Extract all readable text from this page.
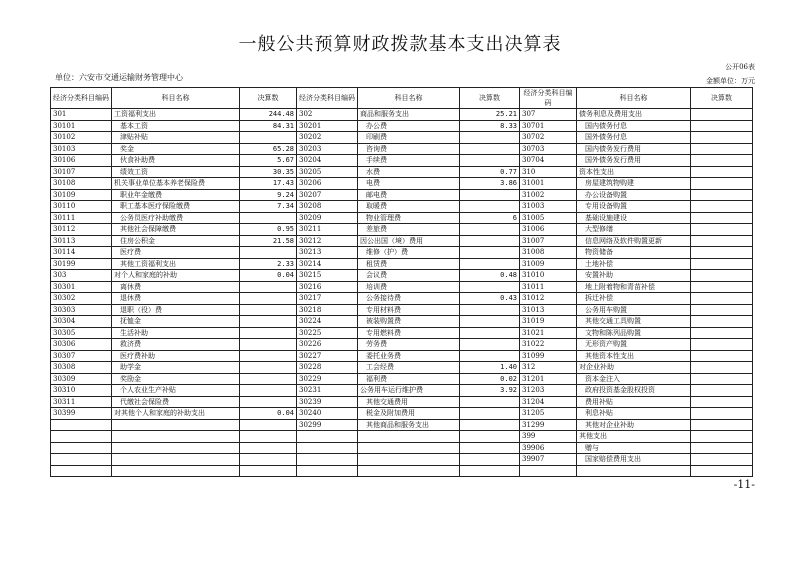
一般公共预算财政拨款基本支出决算表
公开06表
单位：六安市交通运输财务管理中心	金额单位：万元
经济分类科目编码	科目名称	决算数	经济分类科目编码	科目名称	决算数	经济分类科目编码	科目名称	决算数
301	工资福利支出	244.48	302	商品和服务支出	25.21	307	债务利息及费用支出	
30101	基本工资	84.31	30201	办公费	8.33	30701	国内债务付息	
30102	津贴补贴		30202	印刷费		30702	国外债务付息	
30103	奖金	65.28	30203	咨询费		30703	国内债务发行费用	
30106	伙食补助费	5.67	30204	手续费		30704	国外债务发行费用	
30107	绩效工资	30.35	30205	水费	0.77	310	资本性支出	
30108	机关事业单位基本养老保险费	17.43	30206	电费	3.86	31001	房屋建筑物购建	
30109	职业年金缴费	9.24	30207	邮电费		31002	办公设备购置	
30110	职工基本医疗保险缴费	7.34	30208	取暖费		31003	专用设备购置	
30111	公务员医疗补助缴费		30209	物业管理费	6	31005	基础设施建设	
30112	其他社会保障缴费	0.95	30211	差旅费		31006	大型修缮	
30113	住房公积金	21.58	30212	因公出国（境）费用		31007	信息网络及软件购置更新	
30114	医疗费		30213	维修（护）费		31008	物资储备	
30199	其他工资福利支出	2.33	30214	租赁费		31009	土地补偿	
303	对个人和家庭的补助	0.04	30215	会议费	0.48	31010	安置补助	
30301	离休费		30216	培训费		31011	地上附着物和青苗补偿	
30302	退休费		30217	公务接待费	0.43	31012	拆迁补偿	
30303	退职（役）费		30218	专用材料费		31013	公务用车购置	
30304	抚恤金		30224	被装购置费		31019	其他交通工具购置	
30305	生活补助		30225	专用燃料费		31021	文物和陈列品购置	
30306	救济费		30226	劳务费		31022	无形资产购置	
30307	医疗费补助		30227	委托业务费		31099	其他资本性支出	
30308	助学金		30228	工会经费	1.40	312	对企业补助	
30309	奖励金		30229	福利费	0.02	31201	资本金注入	
30310	个人农业生产补贴		30231	公务用车运行维护费	3.92	31203	政府投资基金股权投资	
30311	代缴社会保险费		30239	其他交通费用		31204	费用补贴	
30399	对其他个人和家庭的补助支出	0.04	30240	税金及附加费用		31205	利息补贴	
			30299	其他商品和服务支出		31299	其他对企业补助	
						399	其他支出	
						39906	赠与	
						39907	国家赔偿费用支出	

-11-
